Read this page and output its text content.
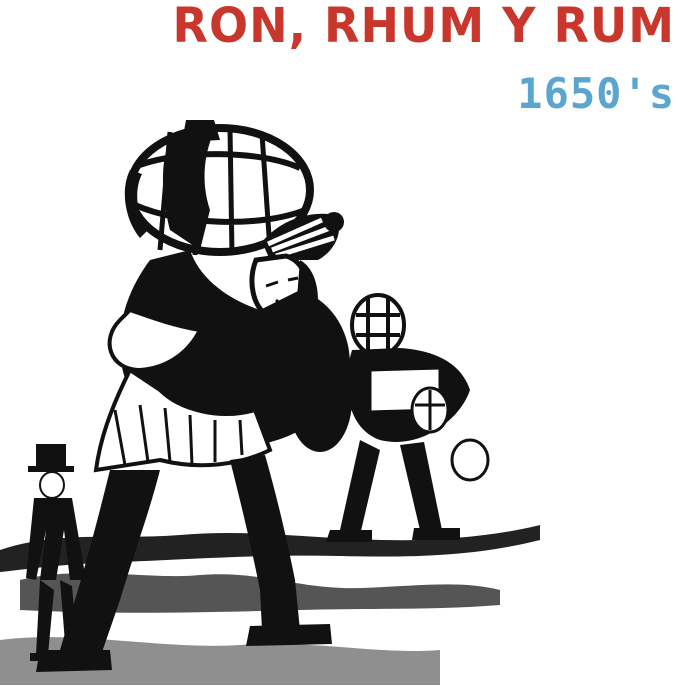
RON, RHUM Y RUM
1650's
